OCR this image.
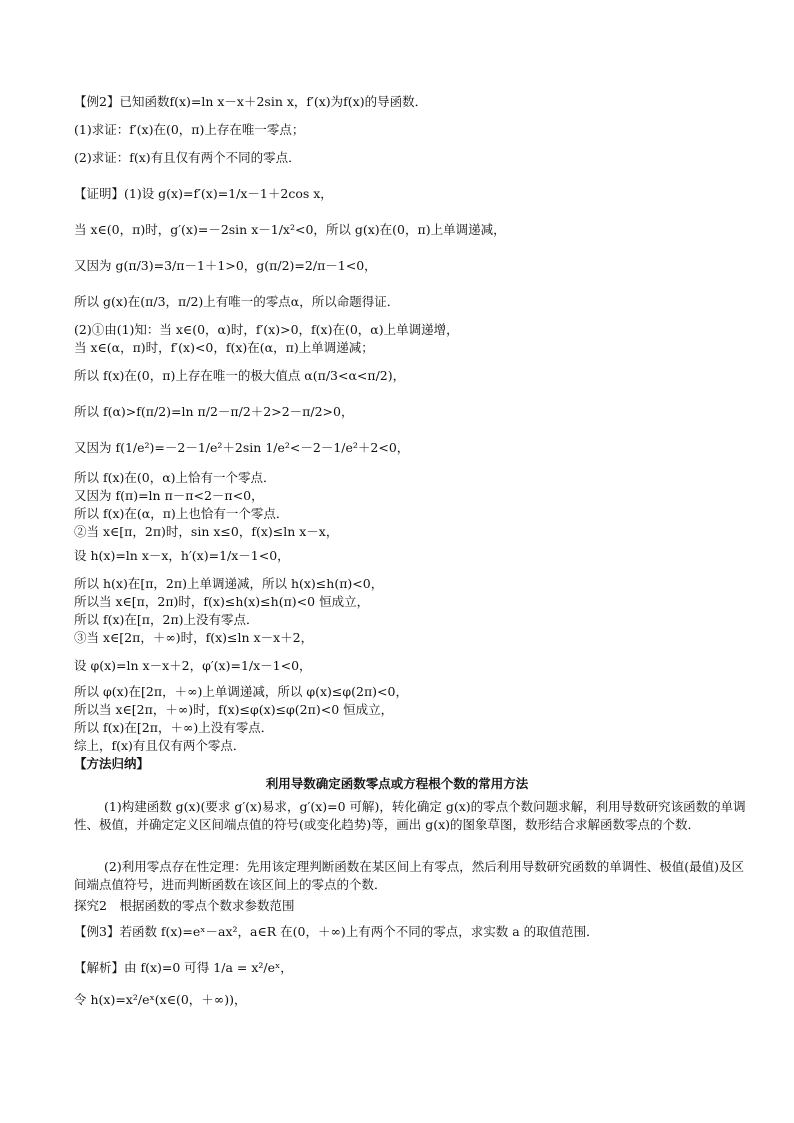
【例2】已知函数f(x)=ln x－x＋2sin x，f′(x)为f(x)的导函数．
(1)求证：f′(x)在(0，π)上存在唯一零点；
(2)求证：f(x)有且仅有两个不同的零点．
【证明】(1)设 g(x)=f′(x)=1/x－1＋2cos x，
当 x∈(0，π)时，g′(x)=－2sin x－1/x²<0，所以 g(x)在(0，π)上单调递减，
又因为 g(π/3)=3/π－1＋1>0，g(π/2)=2/π－1<0，
所以 g(x)在(π/3，π/2)上有唯一的零点α，所以命题得证．
(2)①由(1)知：当 x∈(0，α)时，f′(x)>0，f(x)在(0，α)上单调递增，
当 x∈(α，π)时，f′(x)<0，f(x)在(α，π)上单调递减；
所以 f(x)在(0，π)上存在唯一的极大值点 α(π/3<α<π/2)，
所以 f(α)>f(π/2)=ln π/2－π/2＋2>2－π/2>0，
又因为 f(1/e²)=－2－1/e²＋2sin 1/e²<－2－1/e²＋2<0，
所以 f(x)在(0，α)上恰有一个零点．
又因为 f(π)=ln π－π<2－π<0，
所以 f(x)在(α，π)上也恰有一个零点．
②当 x∈[π，2π)时，sin x≤0，f(x)≤ln x－x，
设 h(x)=ln x－x，h′(x)=1/x－1<0，
所以 h(x)在[π，2π)上单调递减，所以 h(x)≤h(π)<0，
所以当 x∈[π，2π)时，f(x)≤h(x)≤h(π)<0 恒成立，
所以 f(x)在[π，2π)上没有零点．
③当 x∈[2π，＋∞)时，f(x)≤ln x－x＋2，
设 φ(x)=ln x－x＋2，φ′(x)=1/x－1<0，
所以 φ(x)在[2π，＋∞)上单调递减，所以 φ(x)≤φ(2π)<0，
所以当 x∈[2π，＋∞)时，f(x)≤φ(x)≤φ(2π)<0 恒成立，
所以 f(x)在[2π，＋∞)上没有零点．
综上，f(x)有且仅有两个零点．
【方法归纳】
利用导数确定函数零点或方程根个数的常用方法
(1)构建函数 g(x)(要求 g′(x)易求，g′(x)=0 可解)，转化确定 g(x)的零点个数问题求解，利用导数研究该函数的单调性、极值，并确定定义区间端点值的符号(或变化趋势)等，画出 g(x)的图象草图，数形结合求解函数零点的个数．
(2)利用零点存在性定理：先用该定理判断函数在某区间上有零点，然后利用导数研究函数的单调性、极值(最值)及区间端点值符号，进而判断函数在该区间上的零点的个数．
探究2　根据函数的零点个数求参数范围
【例3】若函数 f(x)=eˣ－ax²，a∈R 在(0，＋∞)上有两个不同的零点，求实数 a 的取值范围．
【解析】由 f(x)=0 可得 1/a = x²/eˣ，
令 h(x)=x²/eˣ(x∈(0，＋∞))，
